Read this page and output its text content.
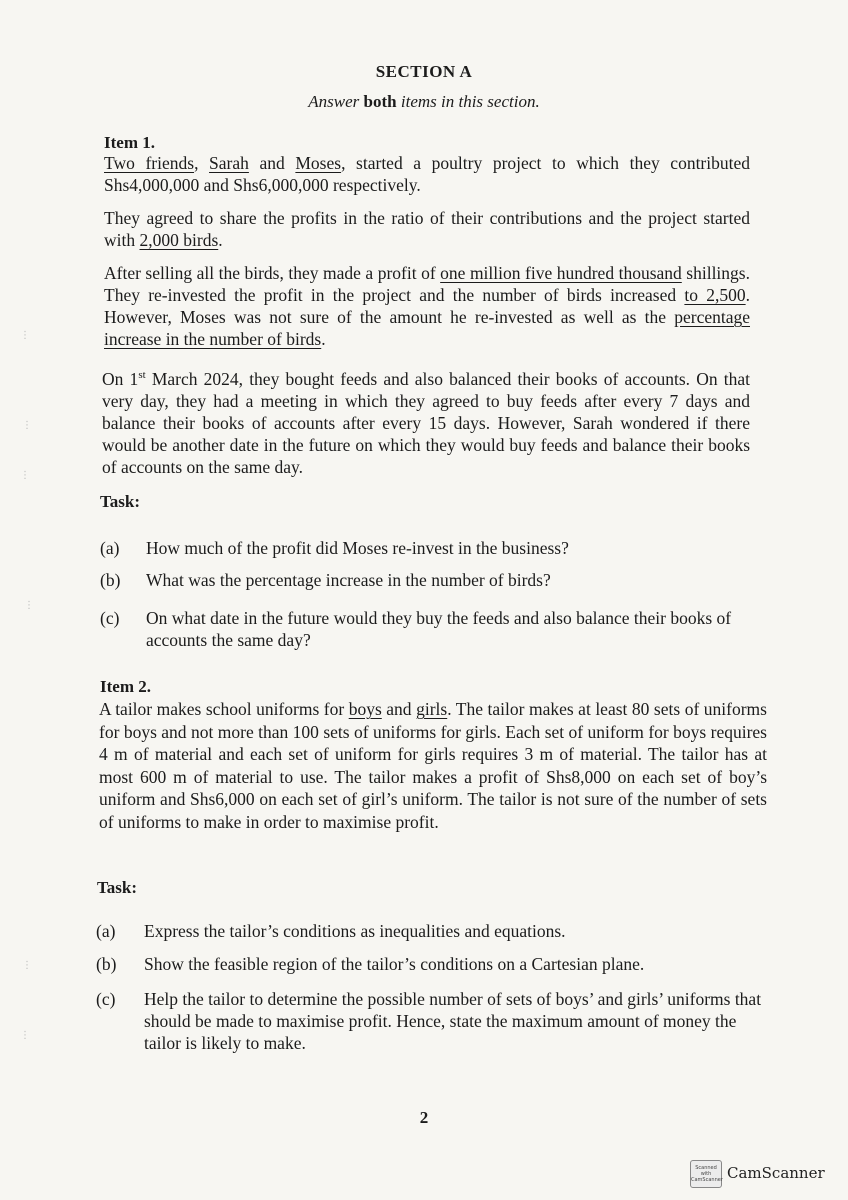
SECTION A
Answer both items in this section.
Item 1.

Two friends, Sarah and Moses, started a poultry project to which they contributed Shs4,000,000 and Shs6,000,000 respectively.

They agreed to share the profits in the ratio of their contributions and the project started with 2,000 birds.

After selling all the birds, they made a profit of one million five hundred thousand shillings. They re-invested the profit in the project and the number of birds increased to 2,500. However, Moses was not sure of the amount he re-invested as well as the percentage increase in the number of birds.

On 1st March 2024, they bought feeds and also balanced their books of accounts. On that very day, they had a meeting in which they agreed to buy feeds after every 7 days and balance their books of accounts after every 15 days. However, Sarah wondered if there would be another date in the future on which they would buy feeds and balance their books of accounts on the same day.

Task:
(a) How much of the profit did Moses re-invest in the business?
(b) What was the percentage increase in the number of birds?
(c) On what date in the future would they buy the feeds and also balance their books of accounts the same day?
Item 2.

A tailor makes school uniforms for boys and girls. The tailor makes at least 80 sets of uniforms for boys and not more than 100 sets of uniforms for girls. Each set of uniform for boys requires 4 m of material and each set of uniform for girls requires 3 m of material. The tailor has at most 600 m of material to use. The tailor makes a profit of Shs8,000 on each set of boy’s uniform and Shs6,000 on each set of girl’s uniform. The tailor is not sure of the number of sets of uniforms to make in order to maximise profit.

Task:
(a) Express the tailor’s conditions as inequalities and equations.
(b) Show the feasible region of the tailor’s conditions on a Cartesian plane.
(c) Help the tailor to determine the possible number of sets of boys’ and girls’ uniforms that should be made to maximise profit. Hence, state the maximum amount of money the tailor is likely to make.
2
⋮
⋮
⋮
⋮
⋮
⋮
Scanned with CamScanner CamScanner
